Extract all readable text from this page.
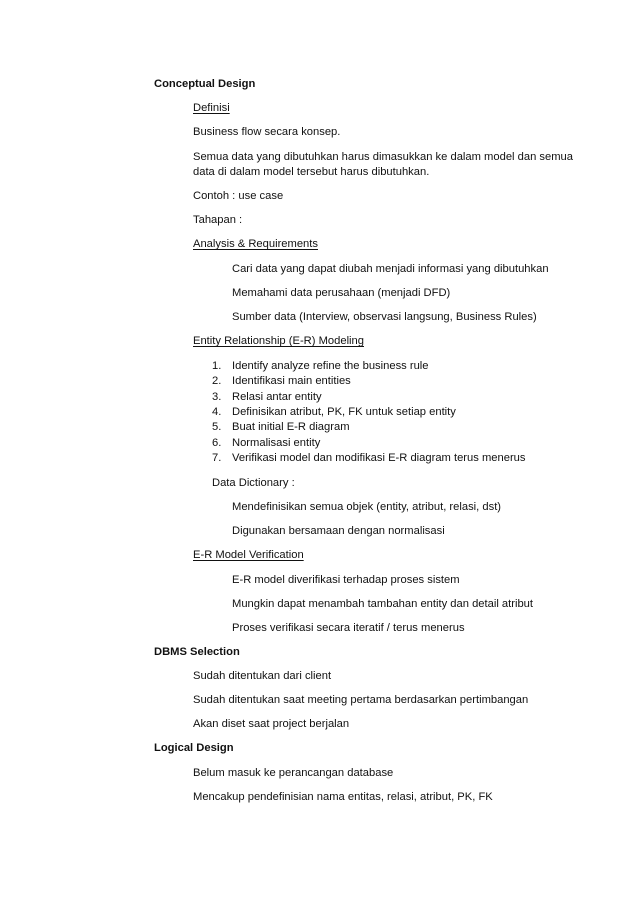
Conceptual Design
Definisi
Business flow secara konsep.
Semua data yang dibutuhkan harus dimasukkan ke dalam model dan semua
data di dalam model tersebut harus dibutuhkan.
Contoh : use case
Tahapan :
Analysis & Requirements
Cari data yang dapat diubah menjadi informasi yang dibutuhkan
Memahami data perusahaan (menjadi DFD)
Sumber data (Interview, observasi langsung, Business Rules)
Entity Relationship (E-R) Modeling
1. Identify analyze refine the business rule
2. Identifikasi main entities
3. Relasi antar entity
4. Definisikan atribut, PK, FK untuk setiap entity
5. Buat initial E-R diagram
6. Normalisasi entity
7. Verifikasi model dan modifikasi E-R diagram terus menerus
Data Dictionary :
Mendefinisikan semua objek (entity, atribut, relasi, dst)
Digunakan bersamaan dengan normalisasi
E-R Model Verification
E-R model diverifikasi terhadap proses sistem
Mungkin dapat menambah tambahan entity dan detail atribut
Proses verifikasi secara iteratif / terus menerus
DBMS Selection
Sudah ditentukan dari client
Sudah ditentukan saat meeting pertama berdasarkan pertimbangan
Akan diset saat project berjalan
Logical Design
Belum masuk ke perancangan database
Mencakup pendefinisian nama entitas, relasi, atribut, PK, FK
